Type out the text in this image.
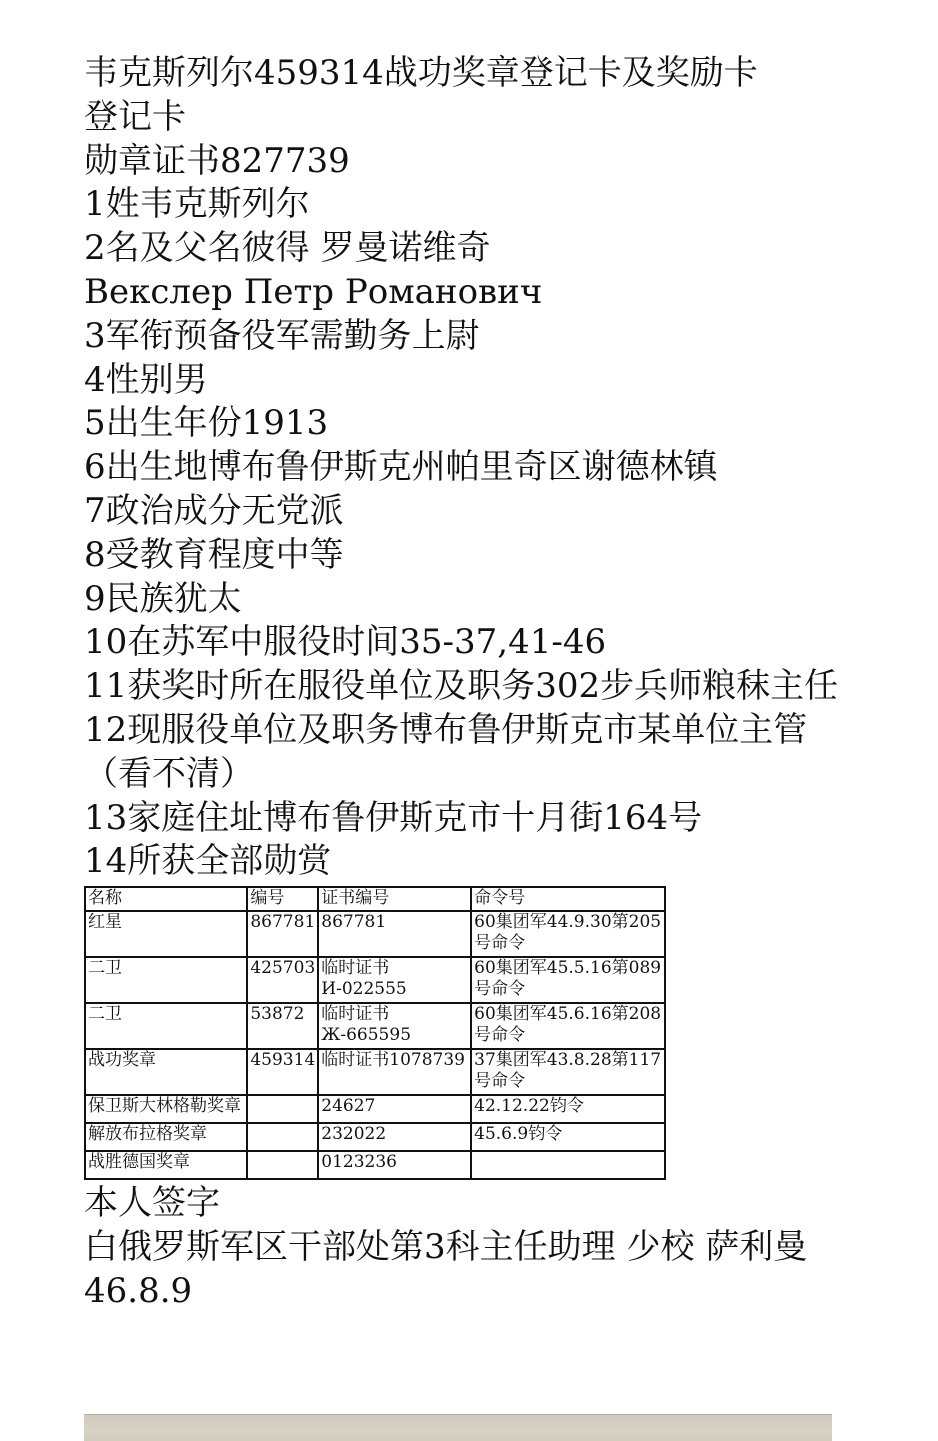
韦克斯列尔459314战功奖章登记卡及奖励卡

登记卡

勋章证书827739

1姓韦克斯列尔

2名及父名彼得 罗曼诺维奇

Векслер Петр Романович

3军衔预备役军需勤务上尉

4性别男

5出生年份1913

6出生地博布鲁伊斯克州帕里奇区谢德林镇

7政治成分无党派

8受教育程度中等

9民族犹太

10在苏军中服役时间35-37,41-46

11获奖时所在服役单位及职务302步兵师粮秣主任

12现服役单位及职务博布鲁伊斯克市某单位主管（看不清）

13家庭住址博布鲁伊斯克市十月街164号

14所获全部勋赏

名称	编号	证书编号	命令号
红星	867781	867781	60集团军44.9.30第205号命令
二卫	425703	临时证书И-022555	60集团军45.5.16第089号命令
二卫	53872	临时证书Ж-665595	60集团军45.6.16第208号命令
战功奖章	459314	临时证书1078739	37集团军43.8.28第117号命令
保卫斯大林格勒奖章		24627	42.12.22钧令
解放布拉格奖章		232022	45.6.9钧令
战胜德国奖章		0123236	

本人签字

白俄罗斯军区干部处第3科主任助理 少校 萨利曼

46.8.9
